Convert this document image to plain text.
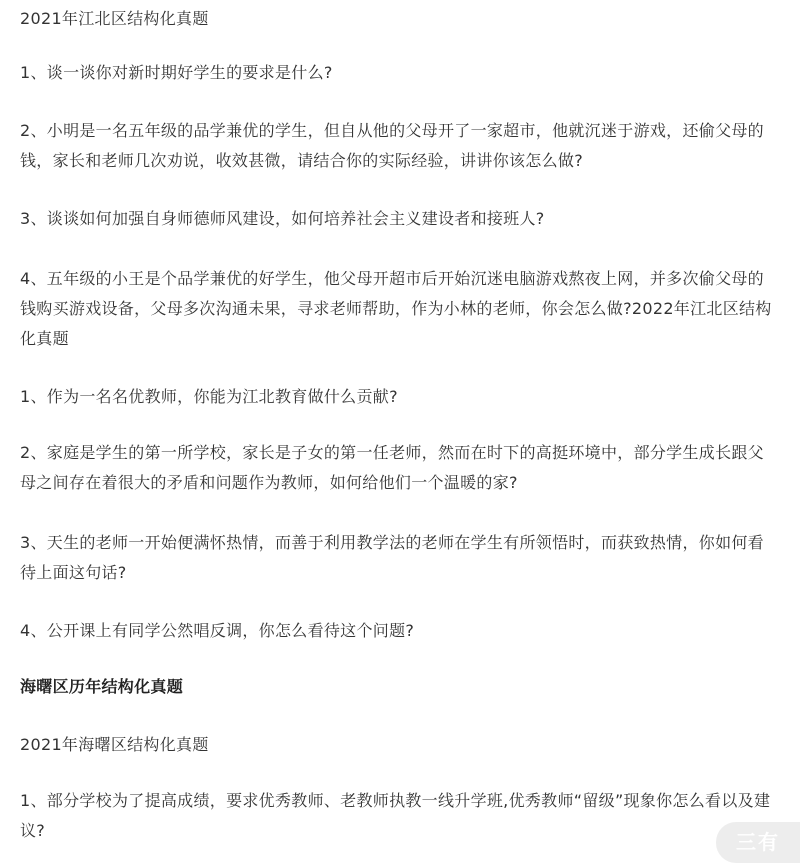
2021年江北区结构化真题

1、谈一谈你对新时期好学生的要求是什么?

2、小明是一名五年级的品学兼优的学生，但自从他的父母开了一家超市，他就沉迷于游戏，还偷父母的钱，家长和老师几次劝说，收效甚微，请结合你的实际经验，讲讲你该怎么做?

3、谈谈如何加强自身师德师风建设，如何培养社会主义建设者和接班人?

4、五年级的小王是个品学兼优的好学生，他父母开超市后开始沉迷电脑游戏熬夜上网，并多次偷父母的钱购买游戏设备，父母多次沟通未果，寻求老师帮助，作为小林的老师，你会怎么做?2022年江北区结构化真题

1、作为一名名优教师，你能为江北教育做什么贡献?

2、家庭是学生的第一所学校，家长是子女的第一任老师，然而在时下的高挺环境中，部分学生成长跟父母之间存在着很大的矛盾和问题作为教师，如何给他们一个温暖的家?

3、天生的老师一开始便满怀热情，而善于利用教学法的老师在学生有所领悟时，而获致热情，你如何看待上面这句话?

4、公开课上有同学公然唱反调，你怎么看待这个问题?

海曙区历年结构化真题

2021年海曙区结构化真题

1、部分学校为了提高成绩，要求优秀教师、老教师执教一线升学班,优秀教师“留级”现象你怎么看以及建议?	三有
